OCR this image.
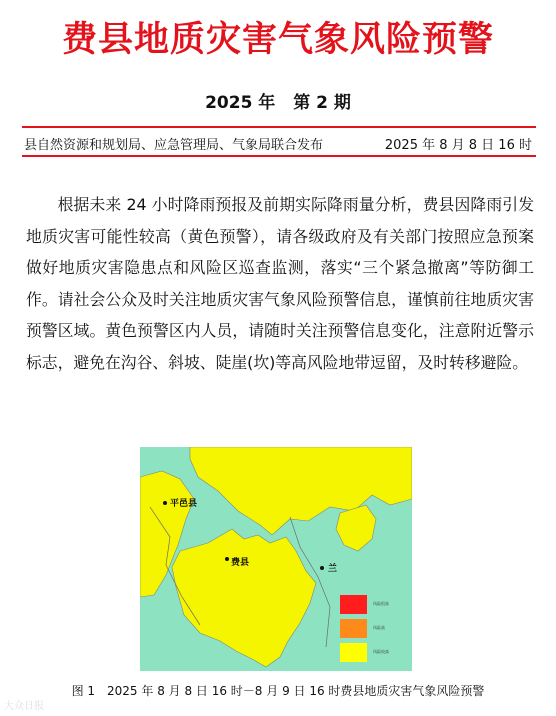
费县地质灾害气象风险预警
2025 年 第 2 期
县自然资源和规划局、应急管理局、气象局联合发布	2025 年 8 月 8 日 16 时

根据未来 24 小时降雨预报及前期实际降雨量分析，费县因降雨引发地质灾害可能性较高（黄色预警），请各级政府及有关部门按照应急预案做好地质灾害隐患点和风险区巡查监测，落实“三个紧急撤离”等防御工作。请社会公众及时关注地质灾害气象风险预警信息，谨慎前往地质灾害预警区域。黄色预警区内人员，请随时关注预警信息变化，注意附近警示标志，避免在沟谷、斜坡、陡崖(坎)等高风险地带逗留，及时转移避险。

平邑县
费县
兰
风险很高
风险高
风险较高
图 1　2025 年 8 月 8 日 16 时－8 月 9 日 16 时费县地质灾害气象风险预警
大众日报
